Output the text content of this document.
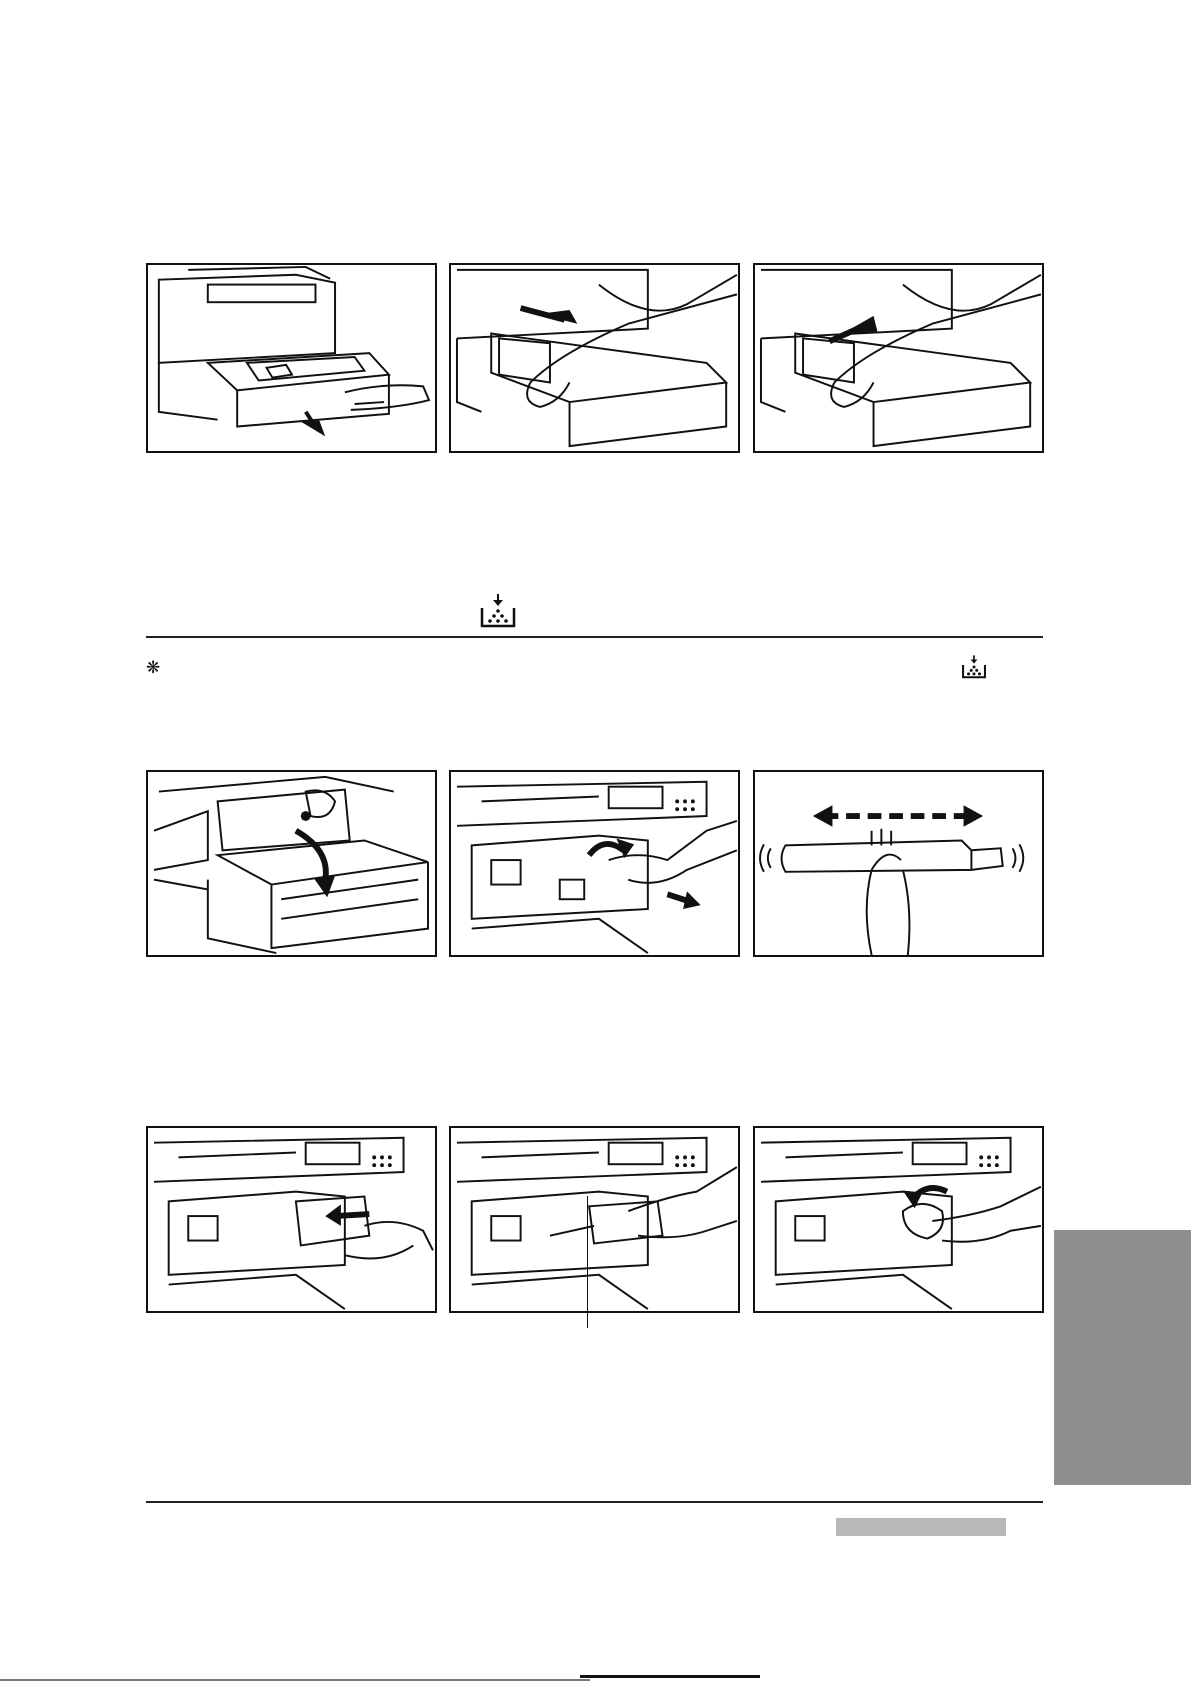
❋
